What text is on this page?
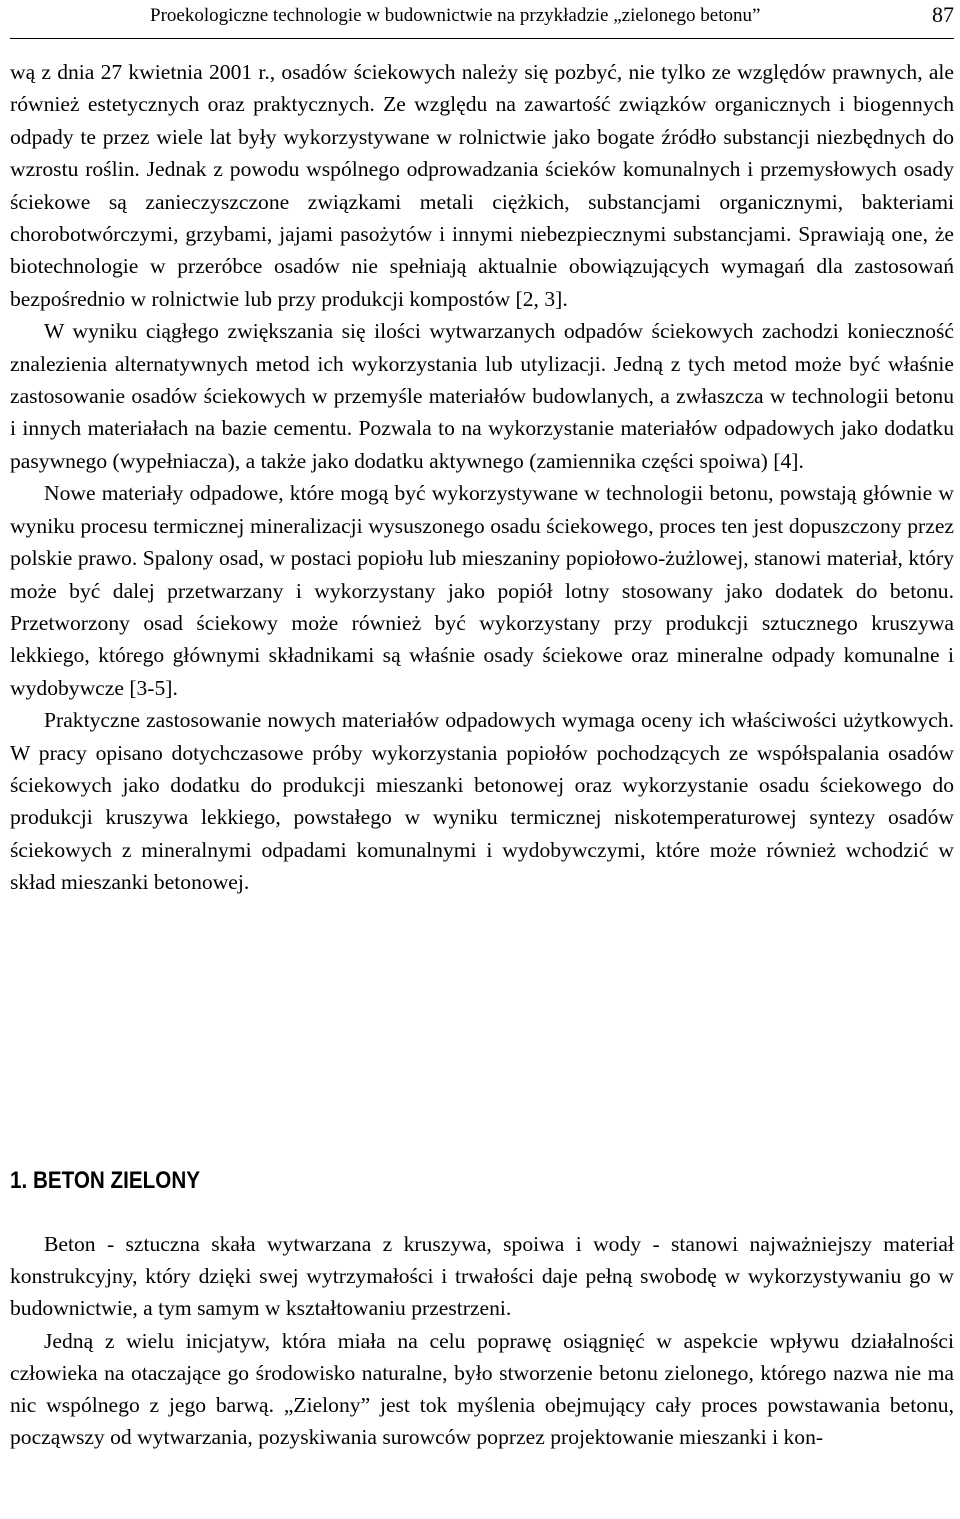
Proekologiczne technologie w budownictwie na przykładzie „zielonego betonu”	87

wą z dnia 27 kwietnia 2001 r., osadów ściekowych należy się pozbyć, nie tylko ze względów prawnych, ale również estetycznych oraz praktycznych. Ze względu na zawartość związków organicznych i biogennych odpady te przez wiele lat były wykorzystywane w rolnictwie jako bogate źródło substancji niezbędnych do wzrostu roślin. Jednak z powodu wspólnego odprowadzania ścieków komunalnych i przemysłowych osady ściekowe są zanieczyszczone związkami metali ciężkich, substancjami organicznymi, bakteriami chorobotwórczymi, grzybami, jajami pasożytów i innymi niebezpiecznymi substancjami. Sprawiają one, że biotechnologie w przeróbce osadów nie spełniają aktualnie obowiązujących wymagań dla zastosowań bezpośrednio w rolnictwie lub przy produkcji kompostów [2, 3].

W wyniku ciągłego zwiększania się ilości wytwarzanych odpadów ściekowych zachodzi konieczność znalezienia alternatywnych metod ich wykorzystania lub utylizacji. Jedną z tych metod może być właśnie zastosowanie osadów ściekowych w przemyśle materiałów budowlanych, a zwłaszcza w technologii betonu i innych materiałach na bazie cementu. Pozwala to na wykorzystanie materiałów odpadowych jako dodatku pasywnego (wypełniacza), a także jako dodatku aktywnego (zamiennika części spoiwa) [4].

Nowe materiały odpadowe, które mogą być wykorzystywane w technologii betonu, powstają głównie w wyniku procesu termicznej mineralizacji wysuszonego osadu ściekowego, proces ten jest dopuszczony przez polskie prawo. Spalony osad, w postaci popiołu lub mieszaniny popiołowo-żużlowej, stanowi materiał, który może być dalej przetwarzany i wykorzystany jako popiół lotny stosowany jako dodatek do betonu. Przetworzony osad ściekowy może również być wykorzystany przy produkcji sztucznego kruszywa lekkiego, którego głównymi składnikami są właśnie osady ściekowe oraz mineralne odpady komunalne i wydobywcze [3-5].

Praktyczne zastosowanie nowych materiałów odpadowych wymaga oceny ich właściwości użytkowych. W pracy opisano dotychczasowe próby wykorzystania popiołów pochodzących ze współspalania osadów ściekowych jako dodatku do produkcji mieszanki betonowej oraz wykorzystanie osadu ściekowego do produkcji kruszywa lekkiego, powstałego w wyniku termicznej niskotemperaturowej syntezy osadów ściekowych z mineralnymi odpadami komunalnymi i wydobywczymi, które może również wchodzić w skład mieszanki betonowej.

1. BETON ZIELONY

Beton - sztuczna skała wytwarzana z kruszywa, spoiwa i wody - stanowi najważniejszy materiał konstrukcyjny, który dzięki swej wytrzymałości i trwałości daje pełną swobodę w wykorzystywaniu go w budownictwie, a tym samym w kształtowaniu przestrzeni.

Jedną z wielu inicjatyw, która miała na celu poprawę osiągnięć w aspekcie wpływu działalności człowieka na otaczające go środowisko naturalne, było stworzenie betonu zielonego, którego nazwa nie ma nic wspólnego z jego barwą. „Zielony” jest tok myślenia obejmujący cały proces powstawania betonu, począwszy od wytwarzania, pozyskiwania surowców poprzez projektowanie mieszanki i kon-
